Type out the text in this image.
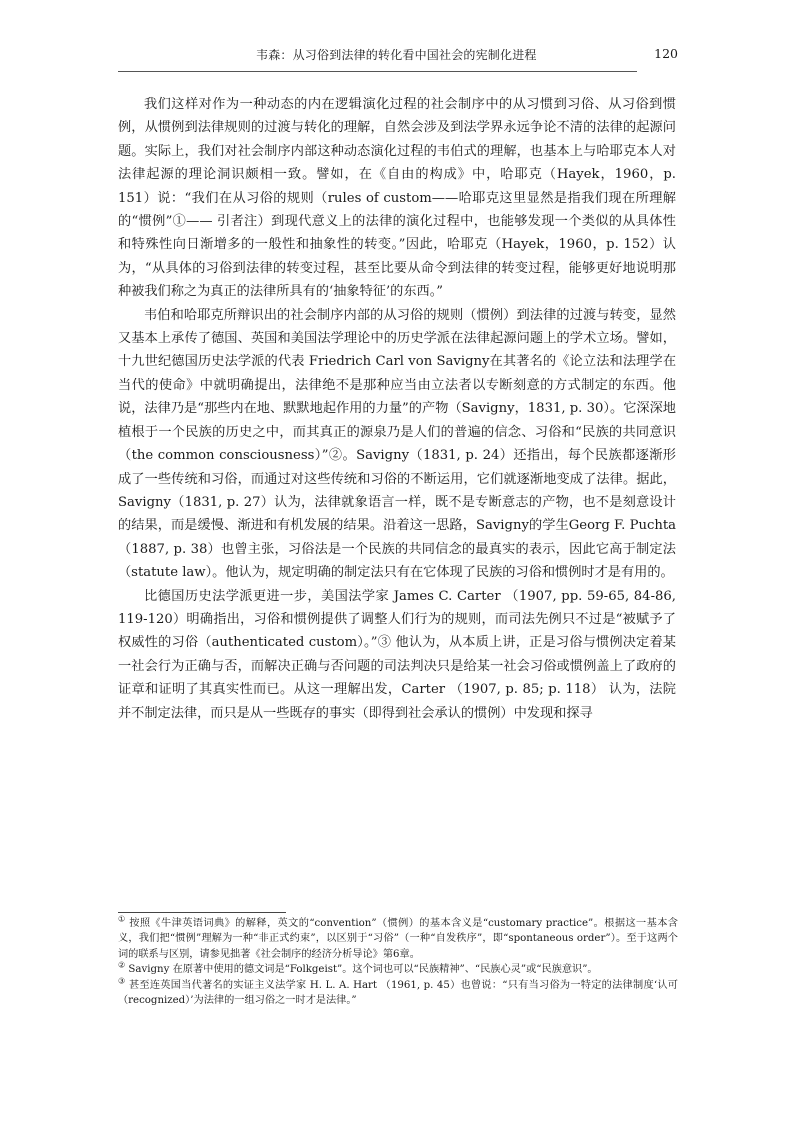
韦森：从习俗到法律的转化看中国社会的宪制化进程	120

我们这样对作为一种动态的内在逻辑演化过程的社会制序中的从习惯到习俗、从习俗到惯例，从惯例到法律规则的过渡与转化的理解，自然会涉及到法学界永远争论不清的法律的起源问题。实际上，我们对社会制序内部这种动态演化过程的韦伯式的理解，也基本上与哈耶克本人对法律起源的理论洞识颇相一致。譬如，在《自由的构成》中，哈耶克（Hayek，1960，p. 151）说：“我们在从习俗的规则（rules of custom——哈耶克这里显然是指我们现在所理解的“惯例”①—— 引者注）到现代意义上的法律的演化过程中，也能够发现一个类似的从具体性和特殊性向日渐增多的一般性和抽象性的转变。”因此，哈耶克（Hayek，1960，p. 152）认为，“从具体的习俗到法律的转变过程，甚至比要从命令到法律的转变过程，能够更好地说明那种被我们称之为真正的法律所具有的‘抽象特征’的东西。”

韦伯和哈耶克所辩识出的社会制序内部的从习俗的规则（惯例）到法律的过渡与转变，显然又基本上承传了德国、英国和美国法学理论中的历史学派在法律起源问题上的学术立场。譬如，十九世纪德国历史法学派的代表 Friedrich Carl von Savigny在其著名的《论立法和法理学在当代的使命》中就明确提出，法律绝不是那种应当由立法者以专断刻意的方式制定的东西。他说，法律乃是“那些内在地、默默地起作用的力量”的产物（Savigny，1831, p. 30）。它深深地植根于一个民族的历史之中，而其真正的源泉乃是人们的普遍的信念、习俗和“民族的共同意识（the common consciousness）”②。Savigny（1831, p. 24）还指出，每个民族都逐渐形成了一些传统和习俗，而通过对这些传统和习俗的不断运用，它们就逐渐地变成了法律。据此，Savigny（1831, p. 27）认为，法律就象语言一样，既不是专断意志的产物，也不是刻意设计的结果，而是缓慢、渐进和有机发展的结果。沿着这一思路，Savigny的学生Georg F. Puchta（1887, p. 38）也曾主张，习俗法是一个民族的共同信念的最真实的表示，因此它高于制定法（statute law）。他认为，规定明确的制定法只有在它体现了民族的习俗和惯例时才是有用的。

比德国历史法学派更进一步，美国法学家 James C. Carter （1907, pp. 59-65, 84-86, 119-120）明确指出，习俗和惯例提供了调整人们行为的规则，而司法先例只不过是“被赋予了权威性的习俗（authenticated custom）。”③ 他认为，从本质上讲，正是习俗与惯例决定着某一社会行为正确与否，而解决正确与否问题的司法判决只是给某一社会习俗或惯例盖上了政府的证章和证明了其真实性而已。从这一理解出发，Carter （1907, p. 85; p. 118） 认为，法院并不制定法律，而只是从一些既存的事实（即得到社会承认的惯例）中发现和探寻

① 按照《牛津英语词典》的解释，英文的“convention”（惯例）的基本含义是“customary practice”。根据这一基本含义，我们把“惯例”理解为一种“非正式约束”，以区别于“习俗”（一种“自发秩序”，即“spontaneous order”）。至于这两个词的联系与区别，请参见拙著《社会制序的经济分析导论》第6章。

② Savigny 在原著中使用的德文词是“Folkgeist”。这个词也可以“民族精神”、“民族心灵”或“民族意识”。

③ 甚至连英国当代著名的实证主义法学家 H. L. A. Hart （1961, p. 45）也曾说：“只有当习俗为一特定的法律制度‘认可（recognized）’为法律的一组习俗之一时才是法律。”
